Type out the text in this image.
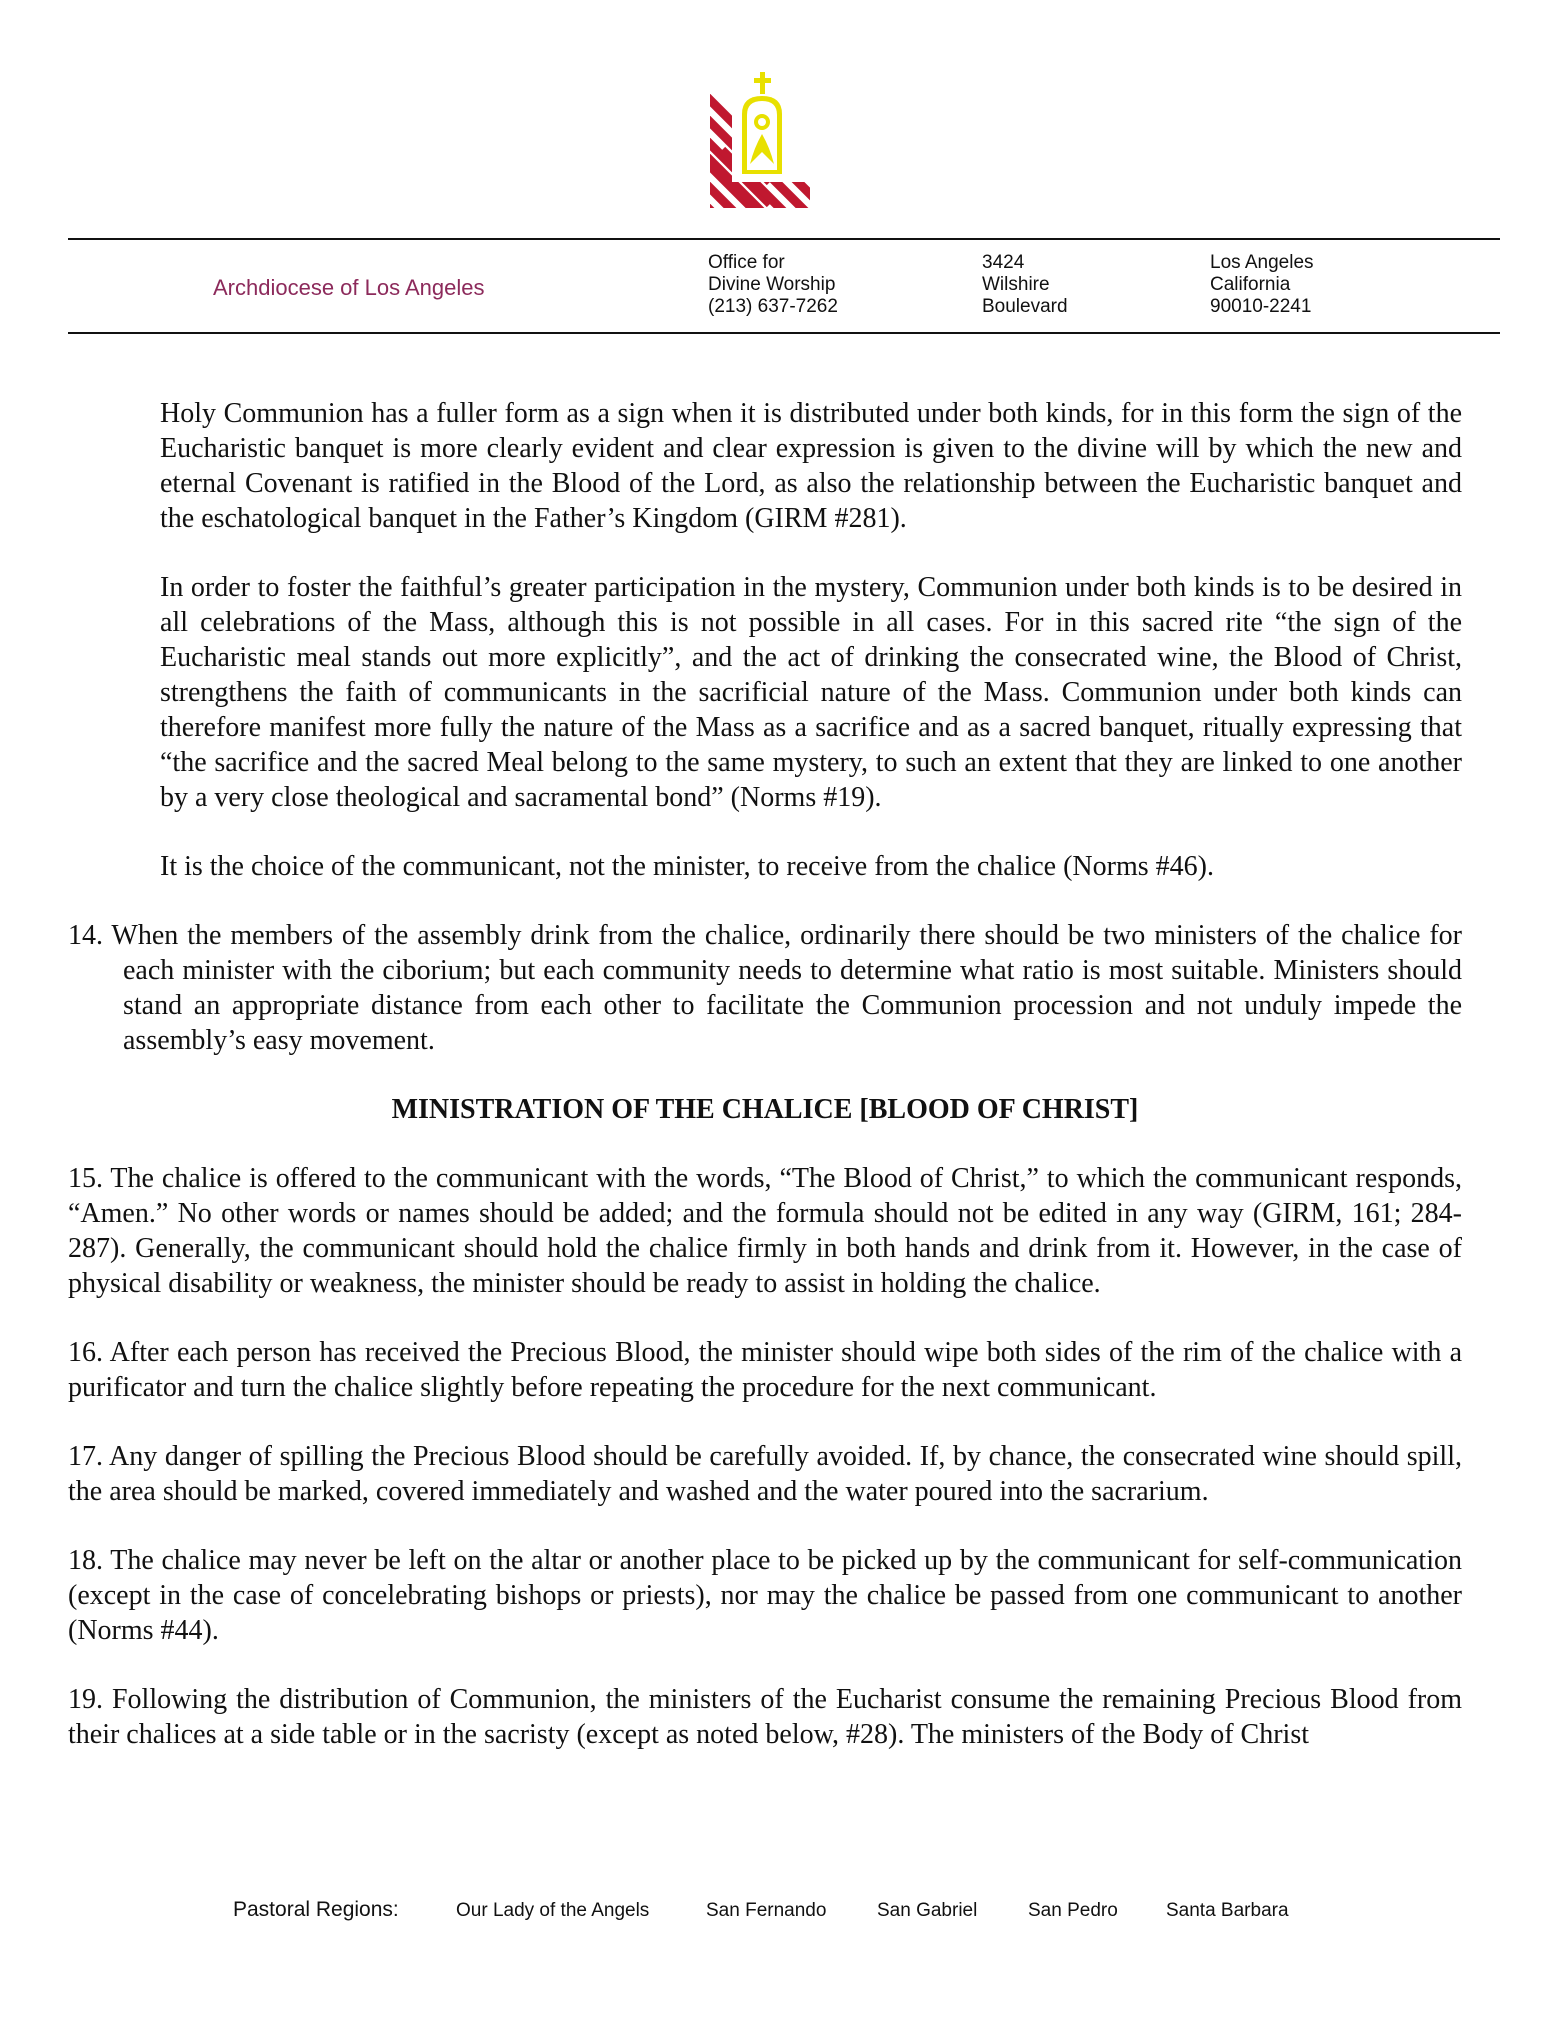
Archdiocese of Los Angeles
Office for
Divine Worship
(213) 637-7262
3424
Wilshire
Boulevard
Los Angeles
California
90010-2241

Holy Communion has a fuller form as a sign when it is distributed under both kinds, for in this form the sign of the Eucharistic banquet is more clearly evident and clear expression is given to the divine will by which the new and eternal Covenant is ratified in the Blood of the Lord, as also the relationship between the Eucharistic banquet and the eschatological banquet in the Father’s Kingdom (GIRM #281).

In order to foster the faithful’s greater participation in the mystery, Communion under both kinds is to be desired in all celebrations of the Mass, although this is not possible in all cases. For in this sacred rite “the sign of the Eucharistic meal stands out more explicitly”, and the act of drinking the consecrated wine, the Blood of Christ, strengthens the faith of communicants in the sacrificial nature of the Mass. Communion under both kinds can therefore manifest more fully the nature of the Mass as a sacrifice and as a sacred banquet, ritually expressing that “the sacrifice and the sacred Meal belong to the same mystery, to such an extent that they are linked to one another by a very close theological and sacramental bond” (Norms #19).

It is the choice of the communicant, not the minister, to receive from the chalice (Norms #46).

14. When the members of the assembly drink from the chalice, ordinarily there should be two ministers of the chalice for each minister with the ciborium; but each community needs to determine what ratio is most suitable. Ministers should stand an appropriate distance from each other to facilitate the Communion procession and not unduly impede the assembly’s easy movement.

MINISTRATION OF THE CHALICE [BLOOD OF CHRIST]

15. The chalice is offered to the communicant with the words, “The Blood of Christ,” to which the communicant responds, “Amen.” No other words or names should be added; and the formula should not be edited in any way (GIRM, 161; 284-287). Generally, the communicant should hold the chalice firmly in both hands and drink from it. However, in the case of physical disability or weakness, the minister should be ready to assist in holding the chalice.

16. After each person has received the Precious Blood, the minister should wipe both sides of the rim of the chalice with a purificator and turn the chalice slightly before repeating the procedure for the next communicant.

17. Any danger of spilling the Precious Blood should be carefully avoided. If, by chance, the consecrated wine should spill, the area should be marked, covered immediately and washed and the water poured into the sacrarium.

18. The chalice may never be left on the altar or another place to be picked up by the communicant for self-communication (except in the case of concelebrating bishops or priests), nor may the chalice be passed from one communicant to another (Norms #44).

19. Following the distribution of Communion, the ministers of the Eucharist consume the remaining Precious Blood from their chalices at a side table or in the sacristy (except as noted below, #28). The ministers of the Body of Christ

Pastoral Regions:	Our Lady of the Angels	San Fernando	San Gabriel	San Pedro	Santa Barbara
